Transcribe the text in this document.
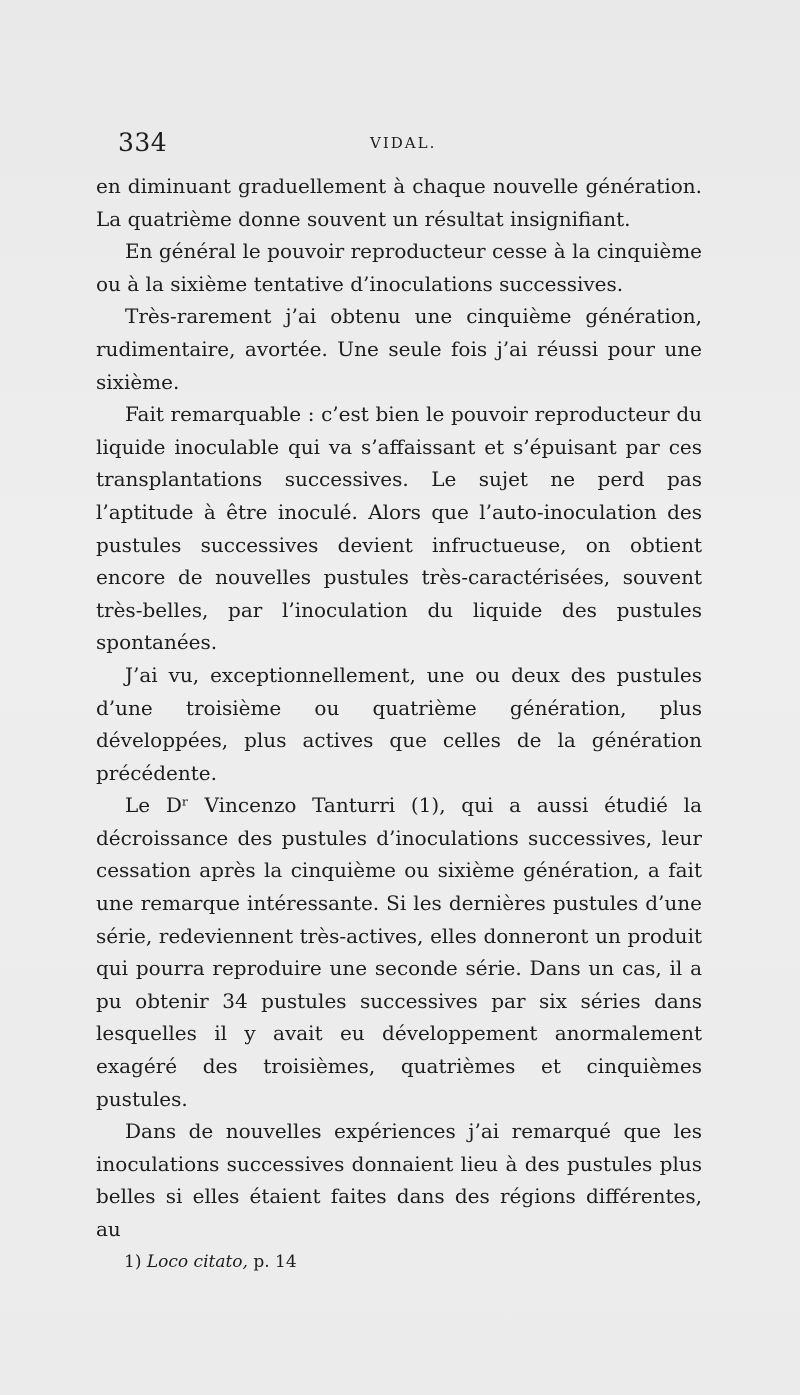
334	VIDAL.

en diminuant graduellement à chaque nouvelle génération. La quatrième donne souvent un résultat insignifiant.

En général le pouvoir reproducteur cesse à la cinquième ou à la sixième tentative d’inoculations successives.

Très-rarement j’ai obtenu une cinquième génération, rudimentaire, avortée. Une seule fois j’ai réussi pour une sixième.

Fait remarquable : c’est bien le pouvoir reproducteur du liquide inoculable qui va s’affaissant et s’épuisant par ces transplantations successives. Le sujet ne perd pas l’aptitude à être inoculé. Alors que l’auto-inoculation des pustules successives devient infructueuse, on obtient encore de nouvelles pustules très-caractérisées, souvent très-belles, par l’inoculation du liquide des pustules spontanées.

J’ai vu, exceptionnellement, une ou deux des pustules d’une troisième ou quatrième génération, plus développées, plus actives que celles de la génération précédente.

Le Dʳ Vincenzo Tanturri (1), qui a aussi étudié la décroissance des pustules d’inoculations successives, leur cessation après la cinquième ou sixième génération, a fait une remarque intéressante. Si les dernières pustules d’une série, redeviennent très-actives, elles donneront un produit qui pourra reproduire une seconde série. Dans un cas, il a pu obtenir 34 pustules successives par six séries dans lesquelles il y avait eu développement anormalement exagéré des troisièmes, quatrièmes et cinquièmes pustules.

Dans de nouvelles expériences j’ai remarqué que les inoculations successives donnaient lieu à des pustules plus belles si elles étaient faites dans des régions différentes, au

1) Loco citato, p. 14
